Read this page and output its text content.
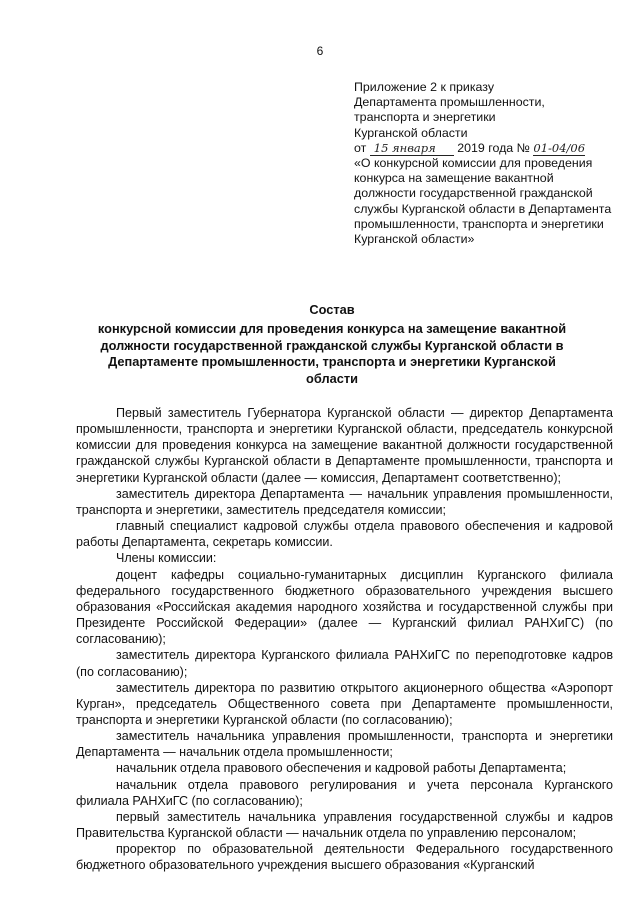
6
Приложение 2 к приказу
Департамента промышленности,
транспорта и энергетики
Курганской области
от 15 января 2019 года № 01-04/06
«О конкурсной комиссии для проведения конкурса на замещение вакантной должности государственной гражданской службы Курганской области в Департамента промышленности, транспорта и энергетики Курганской области»
Состав
конкурсной комиссии для проведения конкурса на замещение вакантной должности государственной гражданской службы Курганской области в Департаменте промышленности, транспорта и энергетики Курганской области

Первый заместитель Губернатора Курганской области — директор Департамента промышленности, транспорта и энергетики Курганской области, председатель конкурсной комиссии для проведения конкурса на замещение вакантной должности государственной гражданской службы Курганской области в Департаменте промышленности, транспорта и энергетики Курганской области (далее — комиссия, Департамент соответственно);

заместитель директора Департамента — начальник управления промышленности, транспорта и энергетики, заместитель председателя комиссии;

главный специалист кадровой службы отдела правового обеспечения и кадровой работы Департамента, секретарь комиссии.

Члены комиссии:

доцент кафедры социально-гуманитарных дисциплин Курганского филиала федерального государственного бюджетного образовательного учреждения высшего образования «Российская академия народного хозяйства и государственной службы при Президенте Российской Федерации» (далее — Курганский филиал РАНХиГС) (по согласованию);

заместитель директора Курганского филиала РАНХиГС по переподготовке кадров (по согласованию);

заместитель директора по развитию открытого акционерного общества «Аэропорт Курган», председатель Общественного совета при Департаменте промышленности, транспорта и энергетики Курганской области (по согласованию);

заместитель начальника управления промышленности, транспорта и энергетики Департамента — начальник отдела промышленности;

начальник отдела правового обеспечения и кадровой работы Департамента;

начальник отдела правового регулирования и учета персонала Курганского филиала РАНХиГС (по согласованию);

первый заместитель начальника управления государственной службы и кадров Правительства Курганской области — начальник отдела по управлению персоналом;

проректор по образовательной деятельности Федерального государственного бюджетного образовательного учреждения высшего образования «Курганский
